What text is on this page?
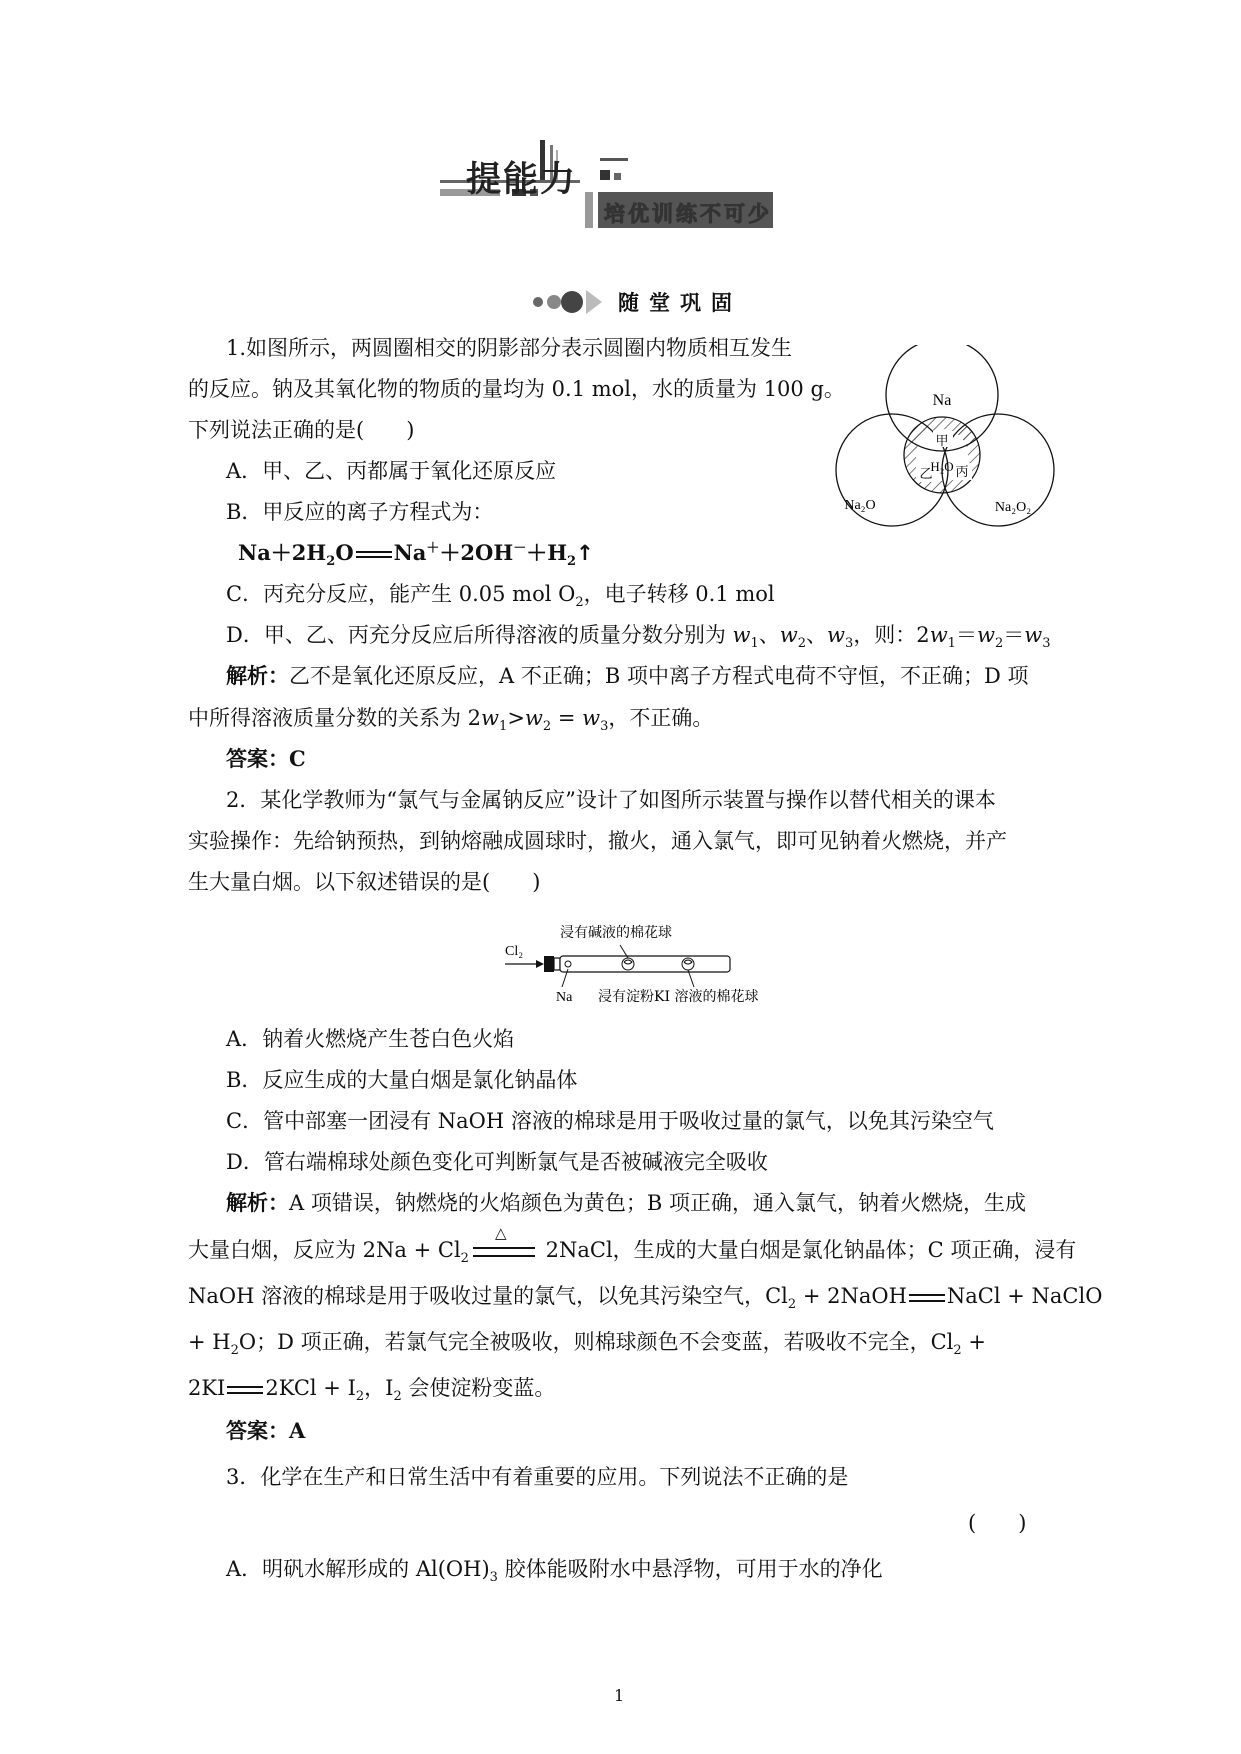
提能力
培优训练不可少
随堂巩固
1.如图所示，两圆圈相交的阴影部分表示圆圈内物质相互发生
的反应。钠及其氧化物的物质的量均为 0.1 mol，水的质量为 100 g。
下列说法正确的是(　　)
A．甲、乙、丙都属于氧化还原反应
B．甲反应的离子方程式为：
$Na+2H_2O$ $Na^++2OH^-+H_2↑$
C．丙充分反应，能产生 0.05 mol $O_2$，电子转移 0.1 mol
D．甲、乙、丙充分反应后所得溶液的质量分数分别为 $w_1$、$w_2$、$w_3$，则：$2w_1=w_2=w_3$
解析：乙不是氧化还原反应，A 不正确；B 项中离子方程式电荷不守恒，不正确；D 项
中所得溶液质量分数的关系为 $2w_1>w_2 = w_3$，不正确。
答案：C
Na
甲
H₂O
乙 丙
Na₂O	Na₂O₂
2．某化学教师为“氯气与金属钠反应”设计了如图所示装置与操作以替代相关的课本
实验操作：先给钠预热，到钠熔融成圆球时，撤火，通入氯气，即可见钠着火燃烧，并产
生大量白烟。以下叙述错误的是(　　)
Cl₂
Na
浸有碱液的棉花球
浸有淀粉KI 溶液的棉花球
A．钠着火燃烧产生苍白色火焰
B．反应生成的大量白烟是氯化钠晶体
C．管中部塞一团浸有 NaOH 溶液的棉球是用于吸收过量的氯气，以免其污染空气
D．管右端棉球处颜色变化可判断氯气是否被碱液完全吸收
解析：A 项错误，钠燃烧的火焰颜色为黄色；B 项正确，通入氯气，钠着火燃烧，生成
大量白烟，反应为 $2Na + Cl_2$
△
2NaCl，生成的大量白烟是氯化钠晶体；C 项正确，浸有
NaOH 溶液的棉球是用于吸收过量的氯气，以免其污染空气，$Cl_2$ + 2NaOH NaCl + NaClO
+ $H_2O$；D 项正确，若氯气完全被吸收，则棉球颜色不会变蓝，若吸收不完全，$Cl_2$ +
2KI $2KCl + I_2$，$I_2$ 会使淀粉变蓝。
答案：A
3．化学在生产和日常生活中有着重要的应用。下列说法不正确的是
(　　)
A．明矾水解形成的 $Al(OH)_3$ 胶体能吸附水中悬浮物，可用于水的净化
1
